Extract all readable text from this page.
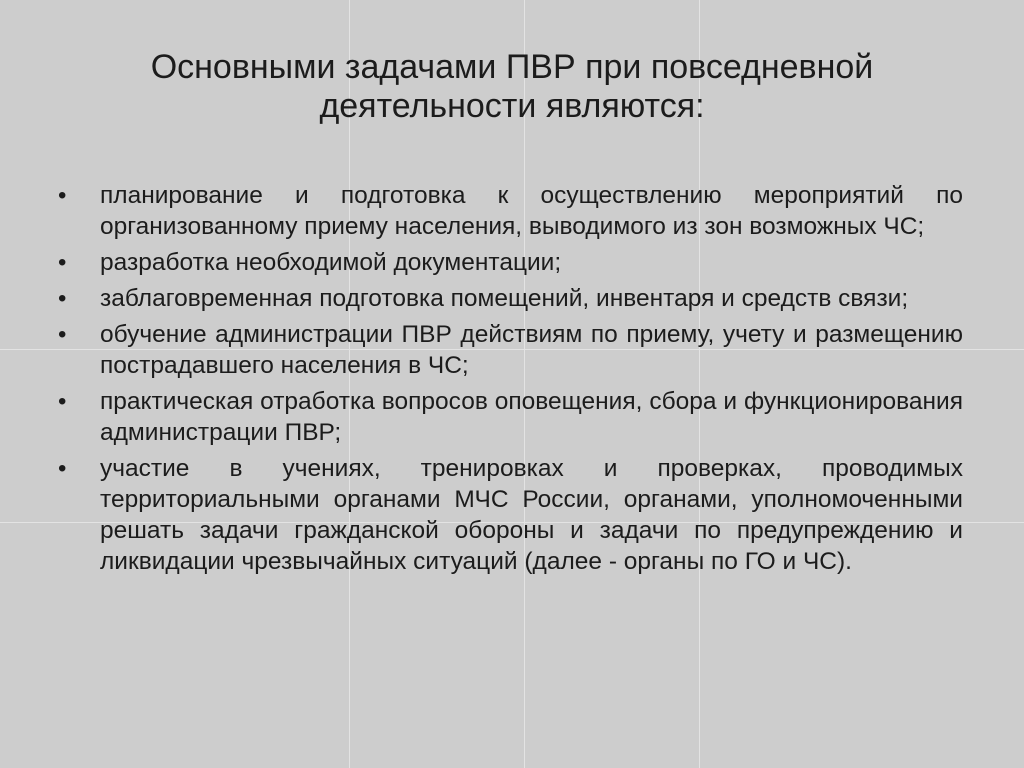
Основными задачами ПВР при повседневной деятельности являются:
•	планирование и подготовка к осуществлению мероприятий по организованному приему населения, выводимого из зон возможных ЧС;
•	разработка необходимой документации;
•	заблаговременная подготовка помещений, инвентаря и средств связи;
•	обучение администрации ПВР действиям по приему, учету и размещению пострадавшего населения в ЧС;
•	практическая отработка вопросов оповещения, сбора и функционирования администрации ПВР;
•	участие в учениях, тренировках и проверках, проводимых территориальными органами МЧС России, органами, уполномоченными решать задачи гражданской обороны и задачи по предупреждению и ликвидации чрезвычайных ситуаций (далее - органы по ГО и ЧС).
